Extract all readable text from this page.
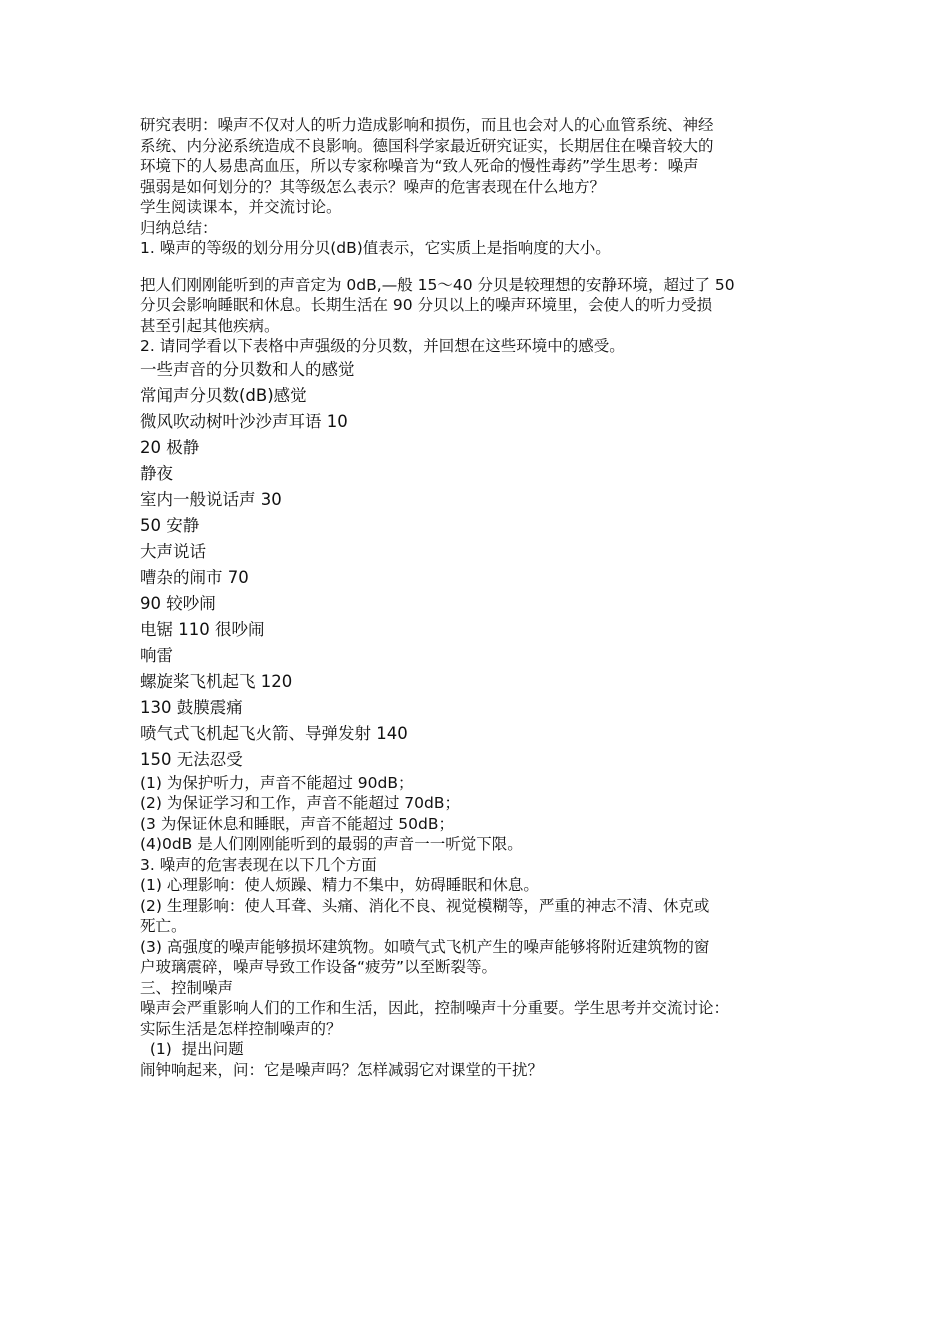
研究表明：噪声不仅对人的听力造成影响和损伤，而且也会对人的心血管系统、神经
系统、内分泌系统造成不良影响。德国科学家最近研究证实，长期居住在噪音较大的
环境下的人易患高血压，所以专家称噪音为“致人死命的慢性毒药”学生思考：噪声
强弱是如何划分的？其等级怎么表示？噪声的危害表现在什么地方？
学生阅读课本，并交流讨论。
归纳总结：
1. 噪声的等级的划分用分贝(dB)值表示，它实质上是指响度的大小。
把人们刚刚能听到的声音定为 0dB,—般 15〜40 分贝是较理想的安静环境，超过了 50
分贝会影响睡眠和休息。长期生活在 90 分贝以上的噪声环境里，会使人的听力受损
甚至引起其他疾病。
2. 请同学看以下表格中声强级的分贝数，并回想在这些环境中的感受。
一些声音的分贝数和人的感觉
常闻声分贝数(dB)感觉
微风吹动树叶沙沙声耳语 10
20 极静
静夜
室内一般说话声 30
50 安静
大声说话
嘈杂的闹市 70
90 较吵闹
电锯 110 很吵闹
响雷
螺旋桨飞机起飞 120
130 鼓膜震痛
喷气式飞机起飞火箭、导弹发射 140
150 无法忍受
(1) 为保护听力，声音不能超过 90dB；
(2) 为保证学习和工作，声音不能超过 70dB；
(3 为保证休息和睡眠，声音不能超过 50dB；
(4)0dB 是人们刚刚能听到的最弱的声音一一听觉下限。
3. 噪声的危害表现在以下几个方面
(1) 心理影响：使人烦躁、精力不集中，妨碍睡眠和休息。
(2) 生理影响：使人耳聋、头痛、消化不良、视觉模糊等，严重的神志不清、休克或
死亡。
(3) 高强度的噪声能够损坏建筑物。如喷气式飞机产生的噪声能够将附近建筑物的窗
户玻璃震碎，噪声导致工作设备“疲劳”以至断裂等。
三、控制噪声
噪声会严重影响人们的工作和生活，因此，控制噪声十分重要。学生思考并交流讨论：
实际生活是怎样控制噪声的？
(1)  提出问题
闹钟响起来，问：它是噪声吗？怎样减弱它对课堂的干扰？
